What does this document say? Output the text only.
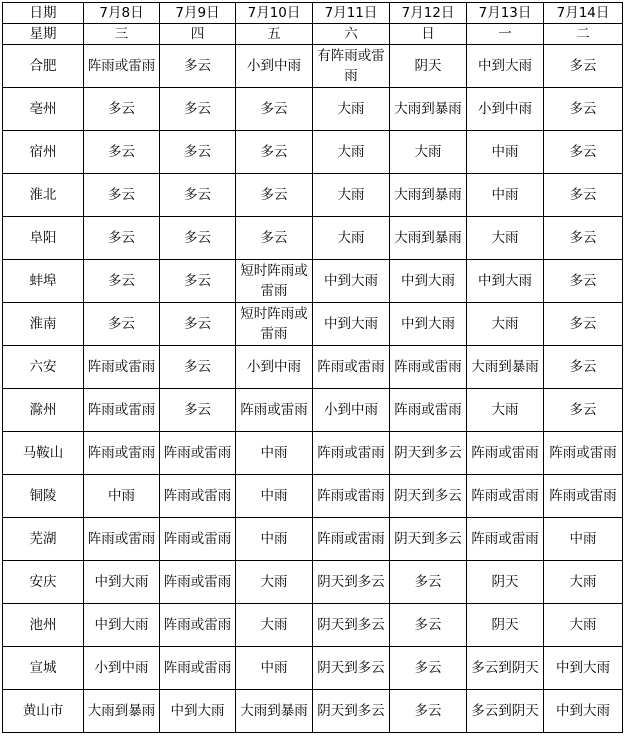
日期	7月8日	7月9日	7月10日	7月11日	7月12日	7月13日	7月14日
星期	三	四	五	六	日	一	二
合肥	阵雨或雷雨	多云	小到中雨	有阵雨或雷雨	阴天	中到大雨	多云
亳州	多云	多云	多云	大雨	大雨到暴雨	小到中雨	多云
宿州	多云	多云	多云	大雨	大雨	中雨	多云
淮北	多云	多云	多云	大雨	大雨到暴雨	中雨	多云
阜阳	多云	多云	多云	大雨	大雨到暴雨	大雨	多云
蚌埠	多云	多云	短时阵雨或雷雨	中到大雨	中到大雨	中到大雨	多云
淮南	多云	多云	短时阵雨或雷雨	中到大雨	中到大雨	大雨	多云
六安	阵雨或雷雨	多云	小到中雨	阵雨或雷雨	阵雨或雷雨	大雨到暴雨	多云
滁州	阵雨或雷雨	多云	阵雨或雷雨	小到中雨	阵雨或雷雨	大雨	多云
马鞍山	阵雨或雷雨	阵雨或雷雨	中雨	阵雨或雷雨	阴天到多云	阵雨或雷雨	阵雨或雷雨
铜陵	中雨	阵雨或雷雨	中雨	阵雨或雷雨	阴天到多云	阵雨或雷雨	阵雨或雷雨
芜湖	阵雨或雷雨	阵雨或雷雨	中雨	阵雨或雷雨	阴天到多云	阵雨或雷雨	中雨
安庆	中到大雨	阵雨或雷雨	大雨	阴天到多云	多云	阴天	大雨
池州	中到大雨	阵雨或雷雨	大雨	阴天到多云	多云	阴天	大雨
宣城	小到中雨	阵雨或雷雨	中雨	阴天到多云	多云	多云到阴天	中到大雨
黄山市	大雨到暴雨	中到大雨	大雨到暴雨	阴天到多云	多云	多云到阴天	中到大雨
